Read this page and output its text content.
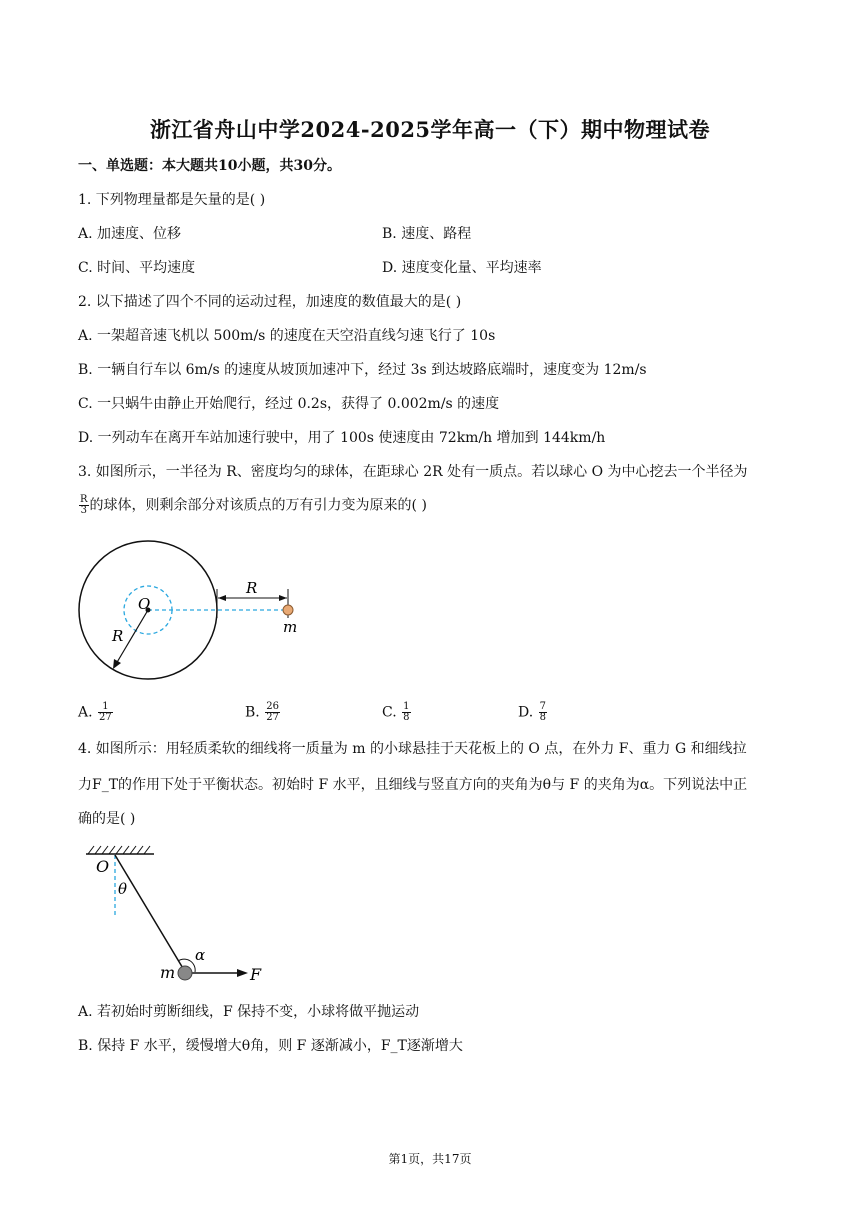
浙江省舟山中学2024-2025学年高一（下）期中物理试卷
一、单选题：本大题共10小题，共30分。
1. 下列物理量都是矢量的是( )
A. 加速度、位移	B. 速度、路程
C. 时间、平均速度	D. 速度变化量、平均速率
2. 以下描述了四个不同的运动过程，加速度的数值最大的是( )
A. 一架超音速飞机以 500m/s 的速度在天空沿直线匀速飞行了 10s
B. 一辆自行车以 6m/s 的速度从坡顶加速冲下，经过 3s 到达坡路底端时，速度变为 12m/s
C. 一只蜗牛由静止开始爬行，经过 0.2s，获得了 0.002m/s 的速度
D. 一列动车在离开车站加速行驶中，用了 100s 使速度由 72km/h 增加到 144km/h
3. 如图所示，一半径为 R、密度均匀的球体，在距球心 2R 处有一质点。若以球心 O 为中心挖去一个半径为
$\frac{R}{3}$ 的球体，则剩余部分对该质点的万有引力变为原来的( )
O
R
R	m
A. $\frac{1}{27}$	B. $\frac{26}{27}$	C. $\frac{1}{8}$	D. $\frac{7}{8}$
4. 如图所示：用轻质柔软的细线将一质量为 m 的小球悬挂于天花板上的 O 点，在外力 F、重力 G 和细线拉
力F_T的作用下处于平衡状态。初始时 F 水平，且细线与竖直方向的夹角为θ与 F 的夹角为α。下列说法中正
确的是( )
O
θ
α
m	F
A. 若初始时剪断细线，F 保持不变，小球将做平抛运动
B. 保持 F 水平，缓慢增大θ角，则 F 逐渐减小，F_T逐渐增大
第1页，共17页
